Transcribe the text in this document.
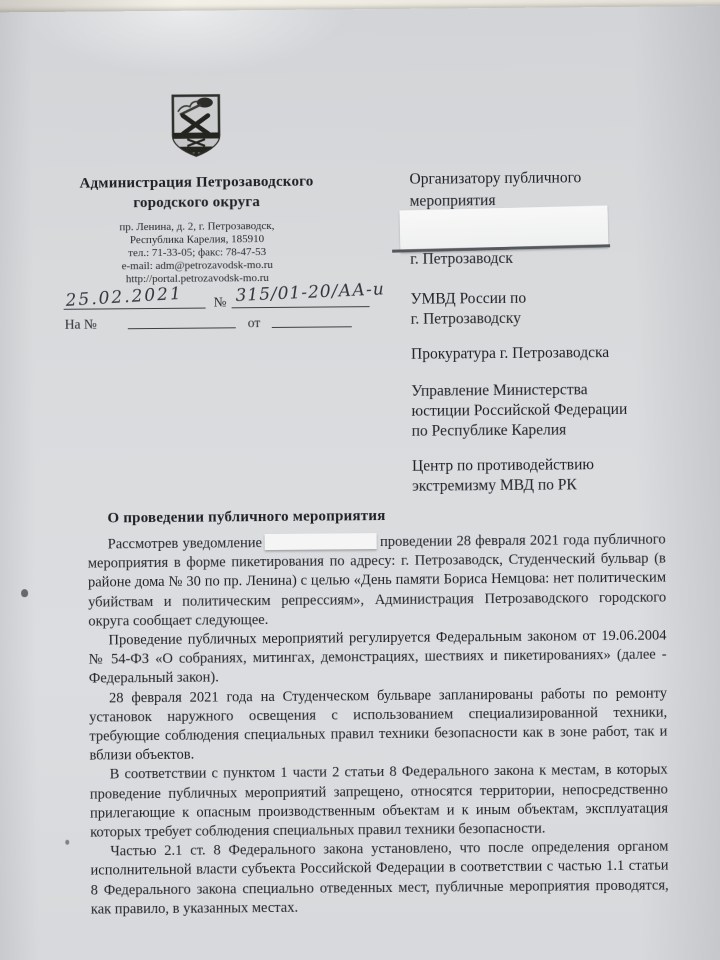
Администрация Петрозаводского
городского округа
пр. Ленина, д. 2, г. Петрозаводск,
Республика Карелия, 185910
тел.: 71-33-05; факс: 78-47-53
e-mail: adm@petrozavodsk-mo.ru
http://portal.petrozavodsk-mo.ru
25.02.2021 № 315/01-20/АА-и
На №	от
Организатору публичного
мероприятия
г. Петрозаводск
УМВД России по
г. Петрозаводску
Прокуратура г. Петрозаводска
Управление Министерства
юстиции Российской Федерации
по Республике Карелия
Центр по противодействию
экстремизму МВД по РК
О проведении публичного мероприятия

Рассмотрев уведомление	проведении 28 февраля 2021 года публичного мероприятия в форме пикетирования по адресу: г. Петрозаводск, Студенческий бульвар (в районе дома № 30 по пр. Ленина) с целью «День памяти Бориса Немцова: нет политическим убийствам и политическим репрессиям», Администрация Петрозаводского городского округа сообщает следующее.

Проведение публичных мероприятий регулируется Федеральным законом от 19.06.2004 № 54-ФЗ «О собраниях, митингах, демонстрациях, шествиях и пикетированиях» (далее - Федеральный закон).

28 февраля 2021 года на Студенческом бульваре запланированы работы по ремонту установок наружного освещения с использованием специализированной техники, требующие соблюдения специальных правил техники безопасности как в зоне работ, так и вблизи объектов.

В соответствии с пунктом 1 части 2 статьи 8 Федерального закона к местам, в которых проведение публичных мероприятий запрещено, относятся территории, непосредственно прилегающие к опасным производственным объектам и к иным объектам, эксплуатация которых требует соблюдения специальных правил техники безопасности.

Частью 2.1 ст. 8 Федерального закона установлено, что после определения органом исполнительной власти субъекта Российской Федерации в соответствии с частью 1.1 статьи 8 Федерального закона специально отведенных мест, публичные мероприятия проводятся, как правило, в указанных местах.
